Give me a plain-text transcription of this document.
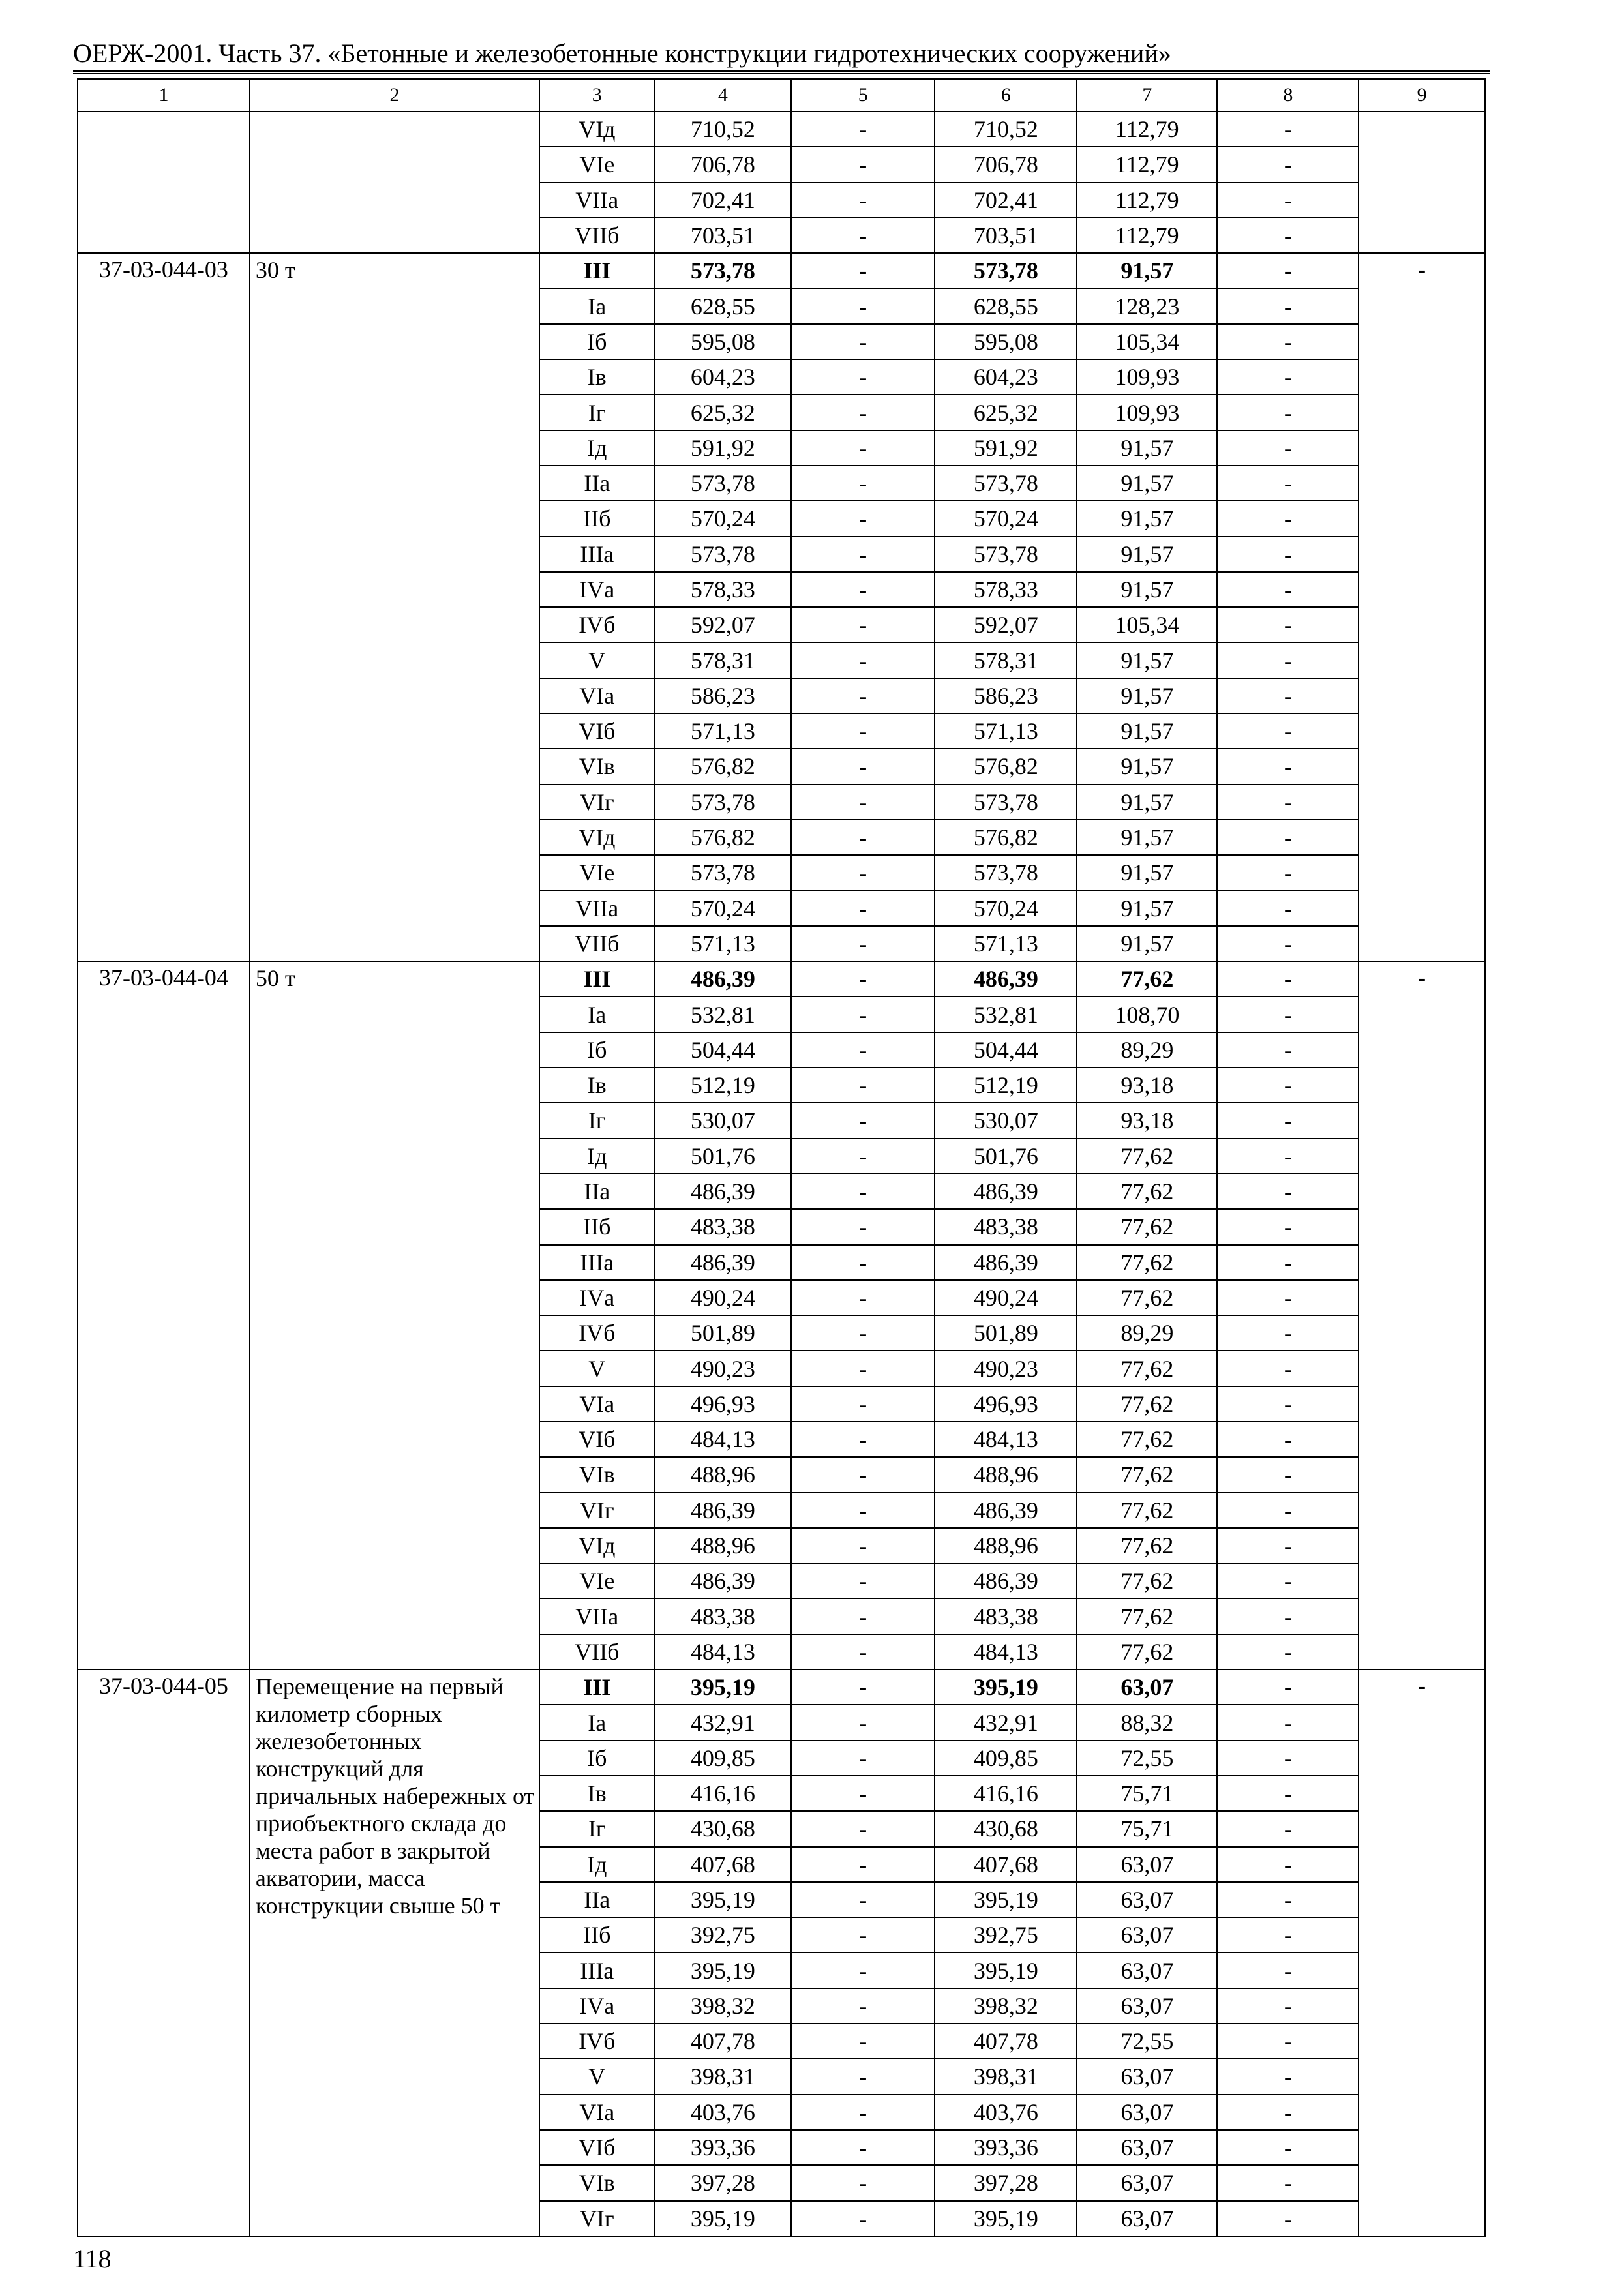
ОЕРЖ-2001. Часть 37. «Бетонные и железобетонные конструкции гидротехнических сооружений»
1	2	3	4	5	6	7	8	9
		VIд	710,52	-	710,52	112,79	-	
		VIе	706,78	-	706,78	112,79	-	
		VIIа	702,41	-	702,41	112,79	-	
		VIIб	703,51	-	703,51	112,79	-	
37-03-044-03	30 т	III	573,78	-	573,78	91,57	-	-
		Iа	628,55	-	628,55	128,23	-	
		Iб	595,08	-	595,08	105,34	-	
		Iв	604,23	-	604,23	109,93	-	
		Iг	625,32	-	625,32	109,93	-	
		Iд	591,92	-	591,92	91,57	-	
		IIа	573,78	-	573,78	91,57	-	
		IIб	570,24	-	570,24	91,57	-	
		IIIа	573,78	-	573,78	91,57	-	
		IVа	578,33	-	578,33	91,57	-	
		IVб	592,07	-	592,07	105,34	-	
		V	578,31	-	578,31	91,57	-	
		VIа	586,23	-	586,23	91,57	-	
		VIб	571,13	-	571,13	91,57	-	
		VIв	576,82	-	576,82	91,57	-	
		VIг	573,78	-	573,78	91,57	-	
		VIд	576,82	-	576,82	91,57	-	
		VIе	573,78	-	573,78	91,57	-	
		VIIа	570,24	-	570,24	91,57	-	
		VIIб	571,13	-	571,13	91,57	-	
37-03-044-04	50 т	III	486,39	-	486,39	77,62	-	-
		Iа	532,81	-	532,81	108,70	-	
		Iб	504,44	-	504,44	89,29	-	
		Iв	512,19	-	512,19	93,18	-	
		Iг	530,07	-	530,07	93,18	-	
		Iд	501,76	-	501,76	77,62	-	
		IIа	486,39	-	486,39	77,62	-	
		IIб	483,38	-	483,38	77,62	-	
		IIIа	486,39	-	486,39	77,62	-	
		IVа	490,24	-	490,24	77,62	-	
		IVб	501,89	-	501,89	89,29	-	
		V	490,23	-	490,23	77,62	-	
		VIа	496,93	-	496,93	77,62	-	
		VIб	484,13	-	484,13	77,62	-	
		VIв	488,96	-	488,96	77,62	-	
		VIг	486,39	-	486,39	77,62	-	
		VIд	488,96	-	488,96	77,62	-	
		VIе	486,39	-	486,39	77,62	-	
		VIIа	483,38	-	483,38	77,62	-	
		VIIб	484,13	-	484,13	77,62	-	
37-03-044-05	Перемещение на первый километр сборных железобетонных конструкций для причальных набережных от приобъектного склада до места работ в закрытой акватории, масса конструкции свыше 50 т	III	395,19	-	395,19	63,07	-	-
		Iа	432,91	-	432,91	88,32	-	
		Iб	409,85	-	409,85	72,55	-	
		Iв	416,16	-	416,16	75,71	-	
		Iг	430,68	-	430,68	75,71	-	
		Iд	407,68	-	407,68	63,07	-	
		IIа	395,19	-	395,19	63,07	-	
		IIб	392,75	-	392,75	63,07	-	
		IIIа	395,19	-	395,19	63,07	-	
		IVа	398,32	-	398,32	63,07	-	
		IVб	407,78	-	407,78	72,55	-	
		V	398,31	-	398,31	63,07	-	
		VIа	403,76	-	403,76	63,07	-	
		VIб	393,36	-	393,36	63,07	-	
		VIв	397,28	-	397,28	63,07	-	
		VIг	395,19	-	395,19	63,07	-	
118
